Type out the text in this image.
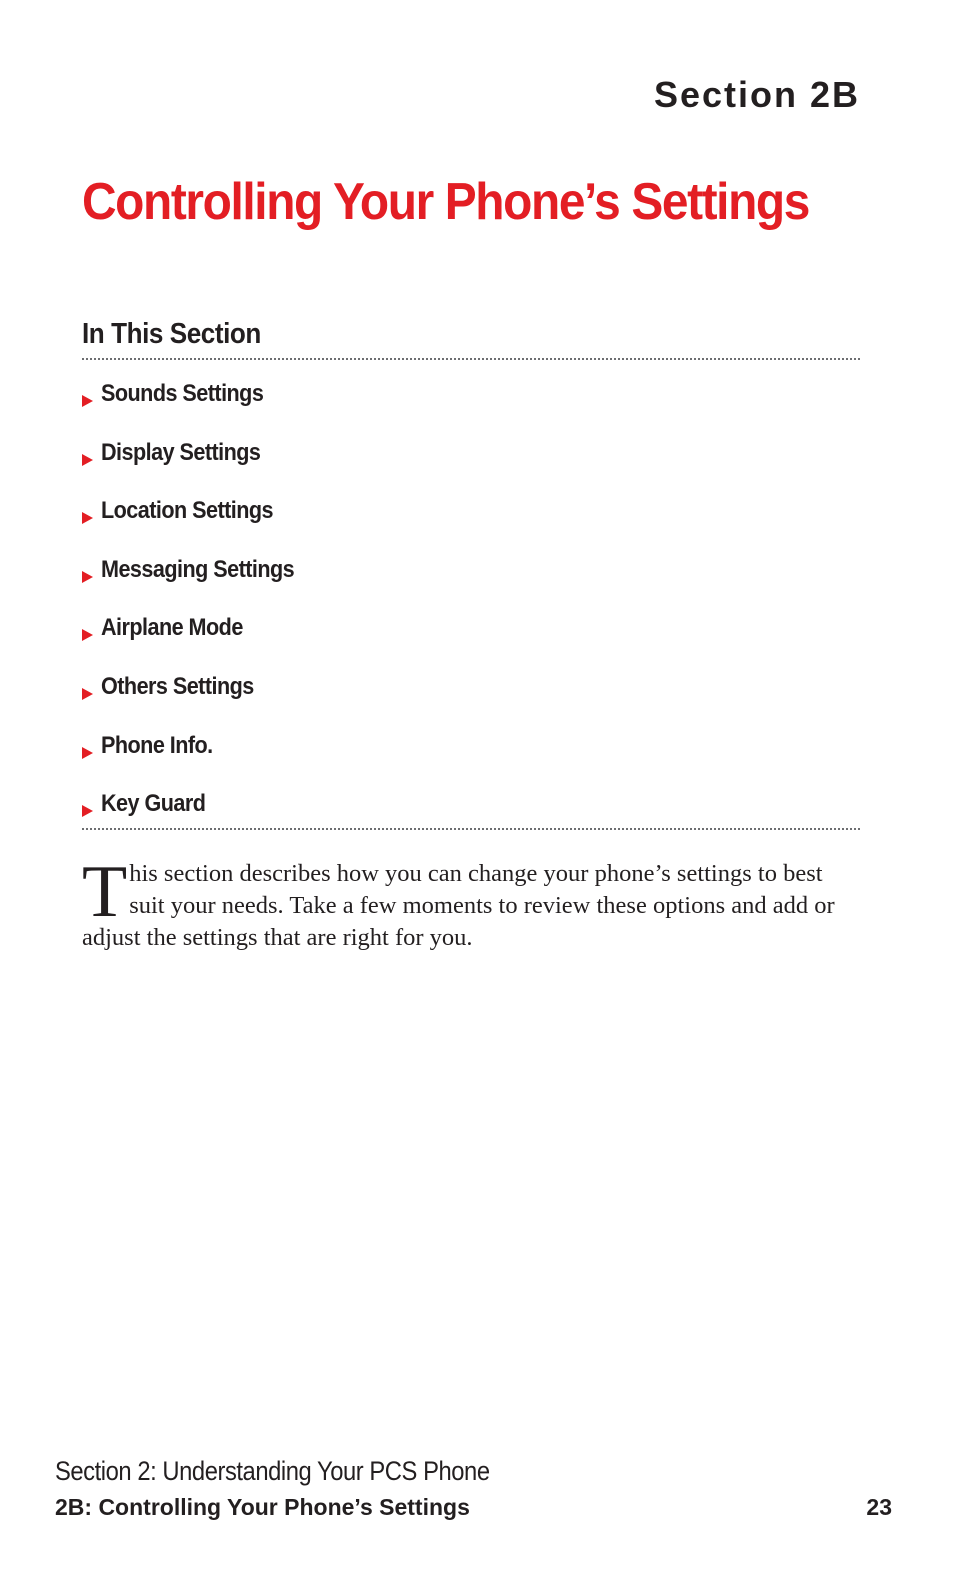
Section 2B
Controlling Your Phone’s Settings
In This Section
Sounds Settings
Display Settings
Location Settings
Messaging Settings
Airplane Mode
Others Settings
Phone Info.
Key Guard

This section describes how you can change your phone’s settings to best suit your needs. Take a few moments to review these options and add or adjust the settings that are right for you.

Section 2: Understanding Your PCS Phone
2B: Controlling Your Phone’s Settings	23
